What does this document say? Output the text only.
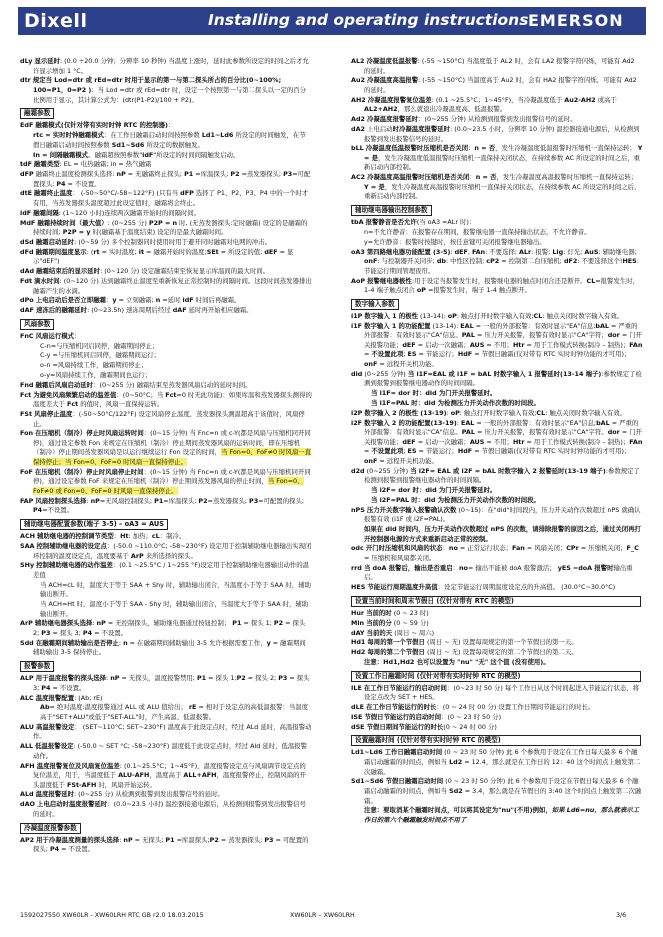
Dixell	Installing and operating instructions EMERSON

dLy 显示延时: (0.0 ÷20.0 分钟；分辨率 10 秒钟) 当温度上涨时，延时此参数所设定的时间之后才允许显示增加 1 °C。

dtr 规定当 Lod=dtr 或 rEd=dtr 时用于显示的第一与第二探头所占的百分比(0~100%; 100=P1，0=P2 )：当 Lod =dtr 或 rEd=dtr 时，设定一个按照第一与第二探头以一定的百分比例用于显示，其计算公式为：(dtr(P1-P2)/100 + P2)。

融霜参数

EdF 融霜模式(仅针对带有实时时钟 RTC 的控制器)：

rtc = 实时时钟融霜模式：在工作日融霜启动时间按照参数 Ld1~Ld6 所设定的时间触发，在节假日融霜启动时间按照参数 Sd1~Sd6 所设定的数据触发。

In = 间隔融霜模式。融霜超按照参数"idF"所设定的时间间隔触发启动。

tdF 融霜类型: EL = 电热融霜; in = 热气融霜

dFP 融霜终止温度检测探头选择: nP = 无融霜终止探头; P1 =库温探头; P2 =蒸发器探头; P3=可配置探头; P4 = 不设置。

dtE 融霜终止温度： (-50~50°C/-58~122°F) (只有当 dFP 选择了 P1、P2、P3、P4 中的一个时才有用，当蒸发器探头温度超过此设定值时，融霜将会终止。

idF 融霜间隔: (1~120 小时)连续两次融霜开始时的间隔时间。

MdF 融霜持续时间（最大值）: (0~255 分) P2P = n 时, (无蒸发器探头:定时融霜) 设定的是融霜的持续时间; P2P = y 时(融霜基于温度结束) 设定的是最大融霜时间。

dSd 融霜启动延时: (0~59 分) 多个控制器同时使用时用于避开同时融霜对电网的冲击。

dFd 融霜期间温度显示: (rt = 实时温度; it = 融霜开始时的温度;SEt = 所设定的值; dEF = 显示"dEF")

dAd 融霜结束后的显示延时: (0~120 分) 设定融霜结束至恢复显示库温间的最大时间。

Fdt 滴水时间: (0~120 分) 达到融霜终止温度至重新恢复正常控制时的间隔时间。这段时间蒸发器排出融霜产生的水滴。

dPo 上电启动后是否立即融霜：y = 立刻融霜; n =延时 idF 时间后再融霜。

dAF 速冻后的融霜延时: (0~23.5h) 速冻周期后经过 dAF 延时再开始相应融霜。

风扇参数

FnC 风扇运行模式：

C-n=与压缩机同启同停，融霜期间停止；

C-y =与压缩机同启同停，融霜期间运行；

o-n =风扇持续工作，融霜期间停止；

o-y=风扇持续工作，融霜期间也运行；

Fnd 融霜后风扇启动延时：(0~255 分) 融霜结束至蒸发器风扇启动的延时时间。

Fct 为避免风扇频繁启动的温差值：(0~50°C；当 Fct=0 时无此功能)：如果库温和蒸发器探头测得的温度差大于 Fct 的值时，风扇一直保持运转。

FSt 风扇停止温度：(-50~50°C/122°F) 设定风扇停止温度，蒸发器探头测温超高于该值时，风扇停止。

Fon 在压缩机（制冷）停止时风扇运转时间：(0~15 分钟) 当 Fnc=n 或 c-Y(都是风扇与压缩机同开同停)，通过设定参数 Fon 来规定在压缩机（制冷）停止期间蒸发器风扇的运转时间，即在压缩机（制冷）停止期间蒸发器风扇是以运行继续运行 Fon 设定的时间，当 Fon=0、FoF≠0 时风扇一直保持停止；当 Fon=0、FoF=0 时风扇一直保持停止。

FoF 在压缩机（制冷）停止时风扇停止时间：(0~15 分钟) 当 Fnc=n 或 c-Y(都是风扇与压缩机同开同停)，通过设定参数 FoF 来规定在压缩机（制冷）停止期间蒸发器风扇的停止时间，当 Fon=0、FoF≠0 或 Fon=0、FoF=0 时风扇一直保持停止。

FAP 风扇控制探头选择: nP=无风扇控制探头; P1=库温探头; P2=蒸发器探头; P3=可配置的探头; P4=不设置。

辅助继电器配置参数(端子 3-5) – oA3 = AUS

ACH 辅助继电器的控制调节类型：Ht: 加热；cL：制冷。

SAA 控制辅助继电器的设定点：(-50.0 ~110.0°C; -58~230°F) 设定用于控制辅助继电器输出实现闭环控制的温度设定点，温度要基于 ArP 来所选择的探头。

SHy 控制辅助继电器的动作温差：(0.1 ~25.5°C / 1~255 °F)设定用于控制辅助继电器输出动作的温差值

当 ACH=cL 时，温度大于等于 SAA + Shy 时，辅助输出闭合，当温度小于等于 SAA 时，辅助输出断开。

当 ACH=Ht 时，温度小于等于 SAA - Shy 时，辅助输出闭合，当温度大于等于 SAA 时，辅助输出断开。

ArP 辅助继电器探头选择: nP = 无控制探头，辅助继电器通过按钮控制； P1 = 探头 1; P2 = 探头 2; P3 = 探头 3; P4 = 不设置。

Sdd 在融霜期间辅助输出是否停止: n = 在融霜期间辅助输出 3-5 允许根据需要工作，y = 融霜期间辅助输出 3-5 保持停止。

报警参数

ALP 用于温度报警的探头选择: nP = 无探头，温度报警禁用; P1 = 探头 1;P2 = 探头 2; P3 = 探头 3; P4 = 不设置。

ALC 温度报警配置: (Ab; rE)

Ab= 绝对温度:温度报警通过 ALL 或 ALU 值给出； rE = 相对于设定点的高低温报警：当温度高于"SET+ALU"或低于"SET-ALL"时，产生高温、低温报警。

ALU 高温报警设定： (SET~110°C; SET~230°F) 温度高于此设定点时，经过 ALd 延时，高温报警动作。

ALL 低温报警设定: (-50.0 ~ SET °C; -58~230°F) 温度低于此设定点时，经过 Ald 延时，低温报警动作。

AFH 温度报警复位及风扇复位温差: (0.1~25.5°C；1~45°F)，温度报警设定点与风扇调节设定点的复位温差，用于，当温度低于 ALU-AFH，温度高于 ALL+AFH，温度报警停止，控制风扇的开头温度低于 FSt-AFH 时，风扇开始运转。

ALd 温度报警延时: (0~255 分) 从检测到报警到发出报警信号的延时。

dAO 上电启动时温度报警延时：(0.0~23.5 小时) 温控器接通电源后，从检测到报警到发出报警信号的延时。

冷凝温度报警参数

AP2 用于冷凝温度测量的探头选择: nP = 无探头; P1 =库温探头;P2 = 蒸发器探头; P3 = 可配置的探头; P4 = 不设置。

AL2 冷凝温度低温报警: (-55 ~150°C) 当温度低于 AL2 时，会有 LA2 报警字符闪烁，可能有 Ad2 的延时。

Au2 冷凝温度高温报警: (-55 ~150°C) 当温度高于 Au2 时，会有 HA2 报警字符闪烁，可能有 Ad2 的延时。

AH2 冷凝温度报警复位温差: (0.1 ~25.5°C；1~45°F)，当冷凝温度低于 Au2-AH2 或高于 AL2+AH2，那么就退出冷凝温度高、低温报警。

Ad2 冷凝温度报警延时：(0~255 分钟) 从检测到报警到发出报警信号的延时。

dA2 上电启动时冷凝温度报警延时: (0.0~23.5 小时，分辨率 10 分钟) 温控器接通电源后，从检测到报警到发出报警信号的延时。

bLL 冷凝温度低温报警时压缩机是否关闭：n = 否，发生冷凝温度低温报警时压缩机一直保持运转； Y = 是，发生冷凝温度低温报警时压缩机一直保持关闭状态，在持续参数 AC 所设定的时间之后，重新启动内部控制。

AC2 冷凝温度高温报警时压缩机是否关闭：n = 否，发生冷凝温度高温报警时压缩机一直保持运转； Y = 是，发生冷凝温度高温报警时压缩机一直保持关闭状态，在持续参数 AC 所设定的时间之后，重新启动内部控制。

辅助继电器输出控制参数

tbA 报警静音是否允许(当 oA3 =ALr 时)：

n=不允许静音：在报警存在期间，报警继电器一直保持输出状态，不允许静音。

y=允许静音：报警时按键时，按任意键可关闭报警继电器输出。

oA3 第四路继电器功能配置 (3-5): dEF, FAn: 不要选择; ALr: 报警; Lig: 灯光; AuS: 辅助继电器; onF: 与控制器开关同步; db: 中性区控制; cP2 = 控制第二台压缩机; dF2: 不要选择这个!HES:节能运行期间管理夜帘。

AoP 报警继电器极性:用于设定当报警发生时，报警继电器的触点时闭合还是断开。CL=报警发生时，1-4 端子触点闭合 oP =报警发生时，端子 1-4 触点断开。

数字输入参数

i1P 数字输入 1 的极性 (13-14): oP: 触点打开时数字输入有效;CL: 触点关闭时数字输入有效。

i1F 数字输入 1 的功能配置 (13-14): EAL = 一般的外部报警：有效时显示"EA"信息;bAL = 严重的外部报警：有效时显示"CA"信息。PAL = 压力开关报警，报警有效时显示"CA"字符；dor = 门开关报警功能；dEF = 启动一次融霜；AUS = 不用；Htr = 用于工作模式转换(制冷 – 制热)；FAn = 不设置此项; ES = 节能运行；HdF = 节假日融霜(仅对带有 RTC 实时时钟功能的才可用)；onF = 远程开关机功能。

did (0~255 分钟) 当 i1F=EAL 或 i1F = bAL 时数字输入 1 报警延时(13-14 端子):参数规定了检测到报警到报警继电器动作的时间间隔。

当 i1F= dor 时：did 为门开关报警延时。

当 i1F=PAL 时：did 为检测压力开关动作次数的时间段。

i2P 数字输入 2 的极性 (13-19): oP: 触点打开时数字输入有效;CL: 触点关闭时数字输入有效。

i2F 数字输入 2 的功能配置(13-19): EAL = 一般的外部报警：有效时显示"EA"信息;bAL = 严重的外部报警：有效时显示"CA"信息。PAL = 压力开关报警，报警有效时显示"CA"字符。dor = 门开关报警功能；dEF = 启动一次融霜；AUS = 不用；Htr = 用于工作模式转换(制冷 – 制热)；FAn = 不设置此项; ES = 节能运行；HdF = 节假日融霜(仅对带有 RTC 实时时钟功能的才可用)；onF = 远程开关机功能。

d2d (0~255 分钟) 当 i2F= EAL 或 i2F = bAL 时数字输入 2 报警延时(13-19 端子):参数规定了检测到报警到报警继电器动作的时间间隔。

当 i2F= dor 时：did 为门开关报警延时。

当 i2F=PAL 时：did 为检测压力开关动作次数的时间段。

nPS 压力开关数字输入报警确认次数 (0~15)：在"did"时间段内，压力开关动作次数超过 nPS 就确认报警有效 (i1F 或 i2F=PAL)。

如果在 did 时间内，压力开关动作次数超过 nPS 的次数，请排除报警的原因之后，通过关闭再打开控制器电源的方式来重新启动正常的控制。

odc 开门时压缩机和风扇的状态：no = 正常运行状态；Fan = 风扇关闭；CPr = 压缩机关闭；F_C = 压缩机和风扇都关闭。

rrd 当 doA 报警后，输出是否重启：no= 输出不能被 doA 报警激活； yES =doA 报警时输出重启。

HES 节能运行周期温度升高值：设定节能运行周期温度设定点的升高值。 (30.0°C~30.0°C)

设置当前时间和周末节假日 (仅针对带有 RTC 的模型)

Hur 当前的时 (0 ~ 23 时)

Min 当前的分 (0 ~ 59 分)

dAY 当前的天 (周日 ~ 周六)

Hd1 每周的第一个节假日 (周日 ~ 无) 设置每周规定的第一个节假日的第一天。

Hd2 每周的第二个节假日 (周日 ~ 无) 设置每周规定的第二个节假日的第二天。

注意：Hd1,Hd2 也可以设置为 "nu" "无" 这个值 (没有使用)。

设置工作日融霜时间 (仅针对带有实时时钟 RTC 的模型)

ILE 在工作日节能运行的启动时间：(0~23 时 50 分) 每个工作日从这个时间起进入节能运行状态，将设定点改为 SET + HES。

dLE 在工作日节能运行的时长：(0 ~ 24 时 00 分) 设置工作日期间节能运行的时长。

ISE 节假日节能运行的启动时间：(0 ~ 23 时 50 分)

dSE 节假日期间节能运行的时长(0 ~ 24 时 00 分)

设置融霜时间 (仅针对带有实时时钟 RTC 的模型)

Ld1~Ld6 工作日融霜启动时间 (0 ~ 23 时 50 分钟) 此 6 个参数用于设定在工作日每天最多 6 个融霜启动融霜的时间点，例如当 Ld2 = 12.4，那么就是在工作日的 12：40 这个时间点上触发第二次融霜。

Sd1~Sd6 节假日融霜启动时间 (0 ~ 23 时 50 分钟) 此 6 个参数用于设定在节假日每天最多 6 个融霜启动融霜的时间点，例如当 Sd2 = 3.4，那么就是在节假日的 3:40 这个时间点上触发第二次融霜。

注意：要取消某个融霜时间点，可以将其设定为"nu"(不用)例如，如果 Ld6=nu，那么就表示工作日的第六个融霜触发时间点不用了

1592027550 XW60LR - XW60LRH RTC GB r2.0 18.03.2015	XW60LR – XW60LRH	3/6
